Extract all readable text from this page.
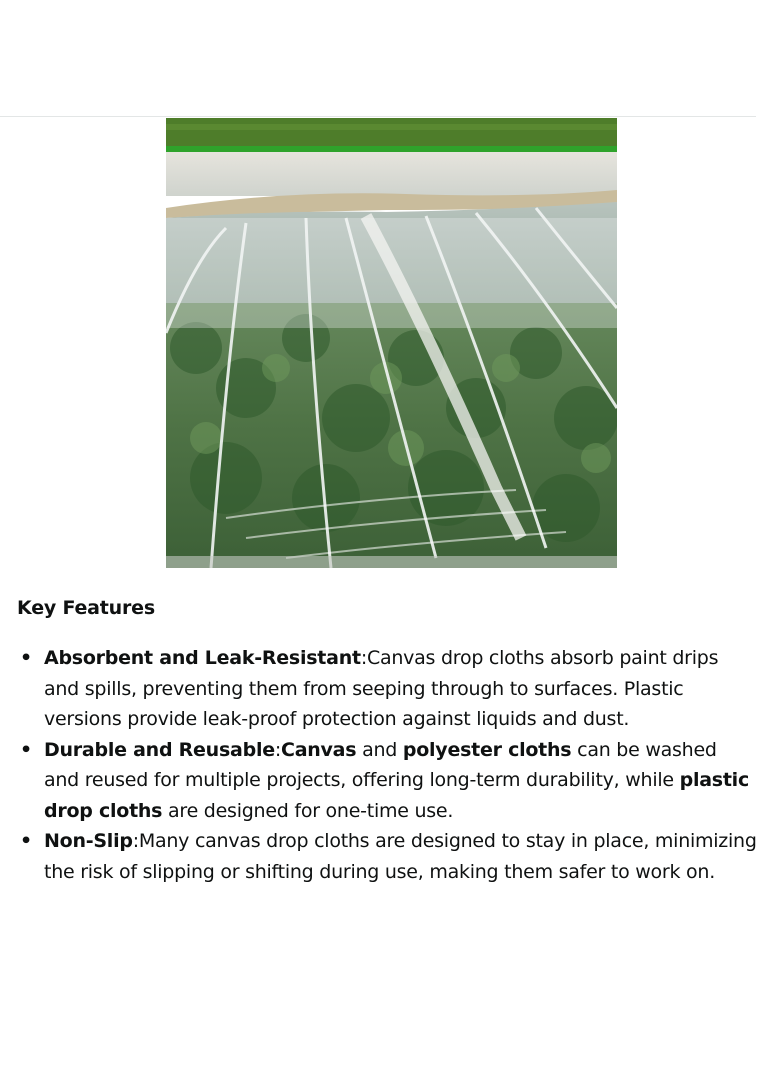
Key Features
• Absorbent and Leak-Resistant:Canvas drop cloths absorb paint drips and spills, preventing them from seeping through to surfaces. Plastic versions provide leak-proof protection against liquids and dust.
• Durable and Reusable:Canvas and polyester cloths can be washed and reused for multiple projects, offering long-term durability, while plastic drop cloths are designed for one-time use.
• Non-Slip:Many canvas drop cloths are designed to stay in place, minimizing the risk of slipping or shifting during use, making them safer to work on.
